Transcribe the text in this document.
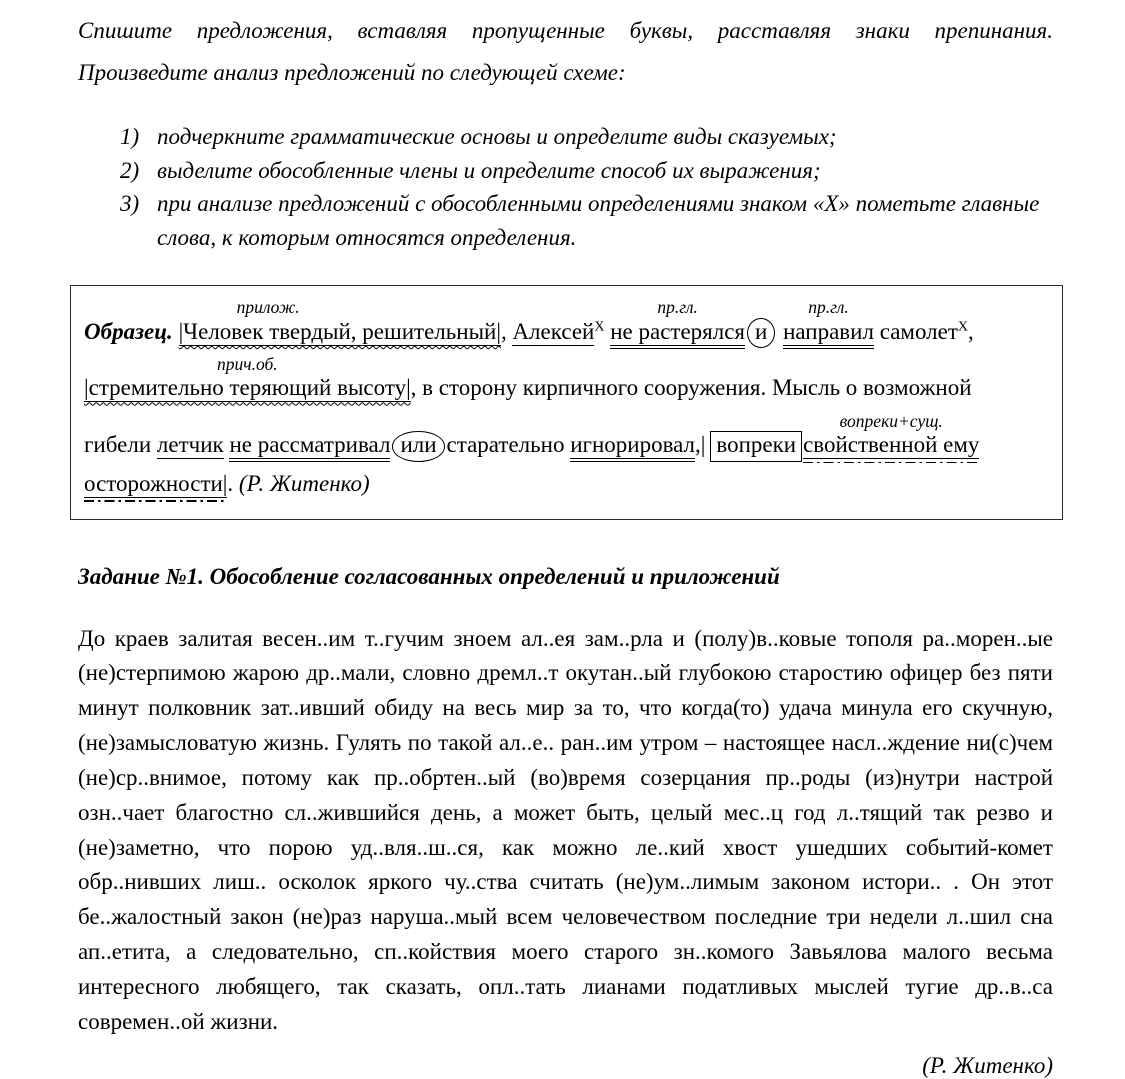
Спишите предложения, вставляя пропущенные буквы, расставляя знаки препинания. Произведите анализ предложений по следующей схеме:

1) подчеркните грамматические основы и определите виды сказуемых;
2) выделите обособленные члены и определите способ их выражения;
3) при анализе предложений с обособленными определениями знаком «Х» пометьте главные слова, к которым относятся определения.
Образец.
прилож.
|Человек твердый, решительный|, Алексей$^X$
пр.гл.
не растерялся и
пр.гл.
направил самолет$^X$,
прич.об.
|стремительно теряющий высоту|, в сторону кирпичного сооружения. Мысль о возможной
гибели летчик не рассматривал или старательно игнорировал,| вопреки
вопреки+сущ.
свойственной ему
осторожности|. (Р. Житенко)
Задание №1. Обособление согласованных определений и приложений

До краев залитая весен..им т..гучим зноем ал..ея зам..рла и (полу)в..ковые тополя ра..морен..ые (не)стерпимою жарою др..мали, словно дремл..т окутан..ый глубокою старостию офицер без пяти минут полковник зат..ивший обиду на весь мир за то, что когда(то) удача минула его скучную, (не)замысловатую жизнь. Гулять по такой ал..е.. ран..им утром – настоящее насл..ждение ни(с)чем (не)ср..внимое, потому как пр..обртен..ый (во)время созерцания пр..роды (из)нутри настрой озн..чает благостно сл..жившийся день, а может быть, целый мес..ц год л..тящий так резво и (не)заметно, что порою уд..вля..ш..ся, как можно ле..кий хвост ушедших событий-комет обр..нивших лиш.. осколок яркого чу..ства считать (не)ум..лимым законом истори.. . Он этот бе..жалостный закон (не)раз наруша..мый всем человечеством последние три недели л..шил сна ап..етита, а следовательно, сп..койствия моего старого зн..комого Завьялова малого весьма интересного любящего, так сказать, опл..тать лианами податливых мыслей тугие др..в..са современ..ой жизни.

(Р. Житенко)
